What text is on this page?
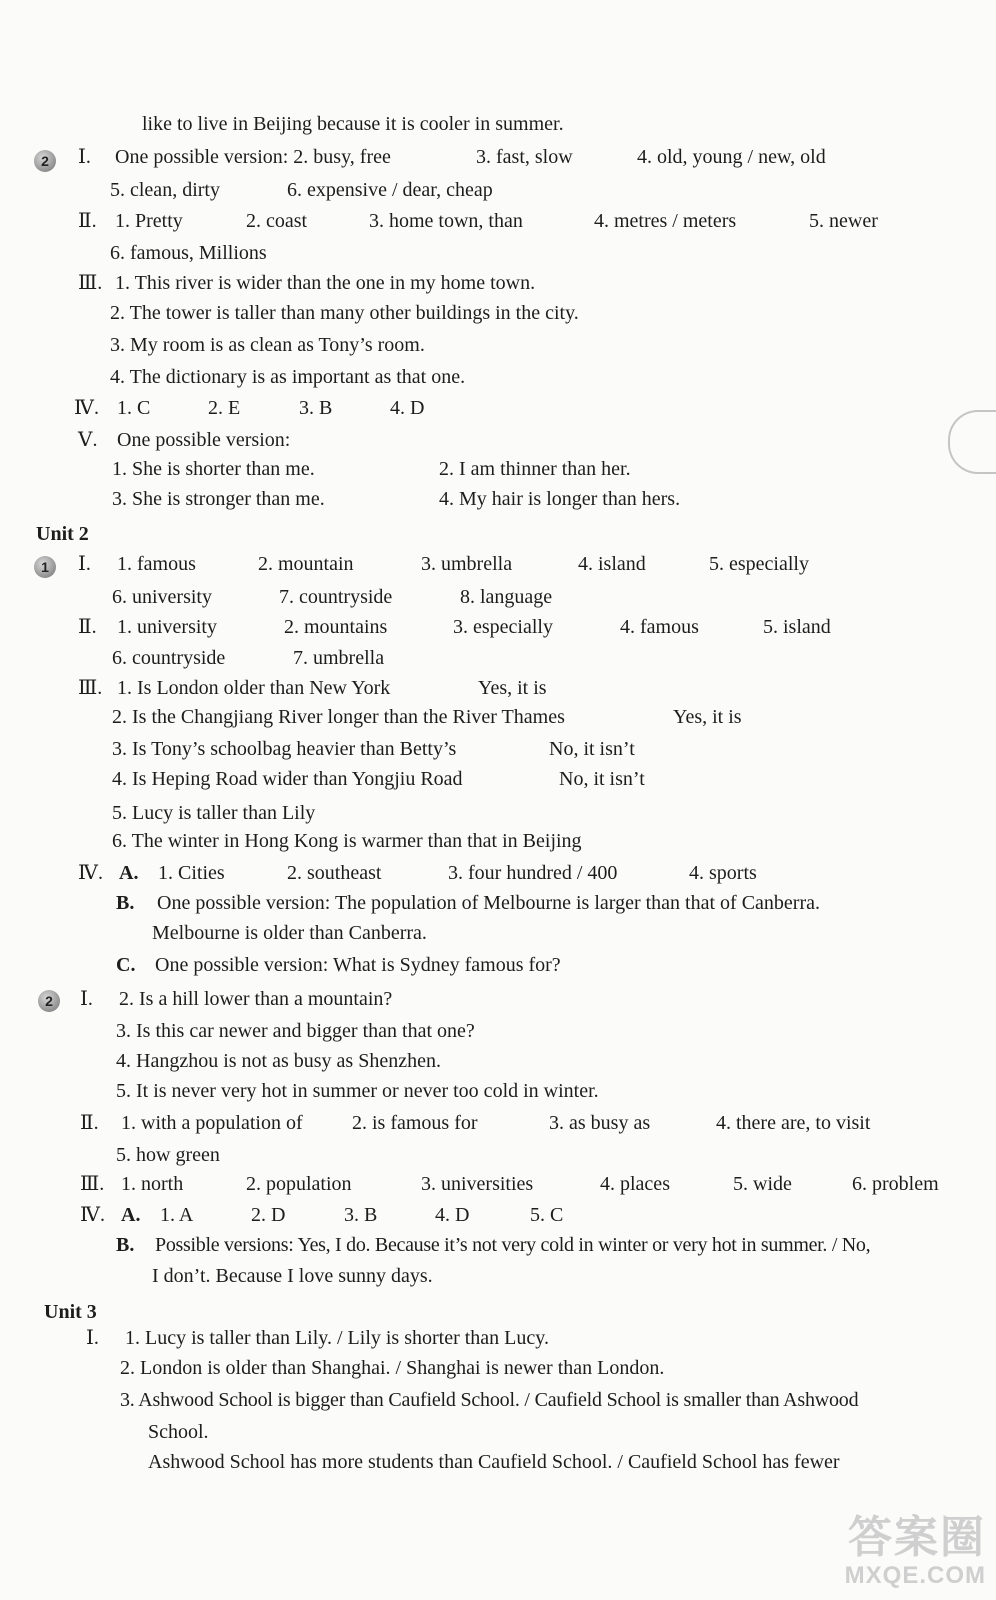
2
1
2
Unit 2
Unit 3
like to live in Beijing because it is cooler in summer.
Ⅰ. One possible version: 2. busy, free	3. fast, slow	4. old, young / new, old
5. clean, dirty	6. expensive / dear, cheap
Ⅱ. 1. Pretty	2. coast	3. home town, than	4. metres / meters	5. newer
6. famous, Millions
Ⅲ. 1. This river is wider than the one in my home town.
2. The tower is taller than many other buildings in the city.
3. My room is as clean as Tony’s room.
4. The dictionary is as important as that one.
Ⅳ. 1. C	2. E	3. B	4. D
Ⅴ. One possible version:
1. She is shorter than me.	2. I am thinner than her.
3. She is stronger than me.	4. My hair is longer than hers.
Ⅰ. 1. famous	2. mountain	3. umbrella	4. island	5. especially
6. university	7. countryside	8. language
Ⅱ. 1. university	2. mountains	3. especially	4. famous	5. island
6. countryside	7. umbrella
Ⅲ. 1. Is London older than New York	Yes, it is
2. Is the Changjiang River longer than the River Thames	Yes, it is
3. Is Tony’s schoolbag heavier than Betty’s	No, it isn’t
4. Is Heping Road wider than Yongjiu Road	No, it isn’t
5. Lucy is taller than Lily
6. The winter in Hong Kong is warmer than that in Beijing
Ⅳ. A. 1. Cities	2. southeast	3. four hundred / 400	4. sports
B. One possible version: The population of Melbourne is larger than that of Canberra.
Melbourne is older than Canberra.
C. One possible version: What is Sydney famous for?
Ⅰ. 2. Is a hill lower than a mountain?
3. Is this car newer and bigger than that one?
4. Hangzhou is not as busy as Shenzhen.
5. It is never very hot in summer or never too cold in winter.
Ⅱ. 1. with a population of 2. is famous for	3. as busy as	4. there are, to visit
5. how green
Ⅲ. 1. north	2. population	3. universities	4. places	5. wide	6. problem
Ⅳ. A. 1. A	2. D	3. B	4. D	5. C
B. Possible versions: Yes, I do. Because it’s not very cold in winter or very hot in summer. / No,
I don’t. Because I love sunny days.
Ⅰ. 1. Lucy is taller than Lily. / Lily is shorter than Lucy.
2. London is older than Shanghai. / Shanghai is newer than London.
3. Ashwood School is bigger than Caufield School. / Caufield School is smaller than Ashwood
School.
Ashwood School has more students than Caufield School. / Caufield School has fewer
答案圈
MXQE.COM
